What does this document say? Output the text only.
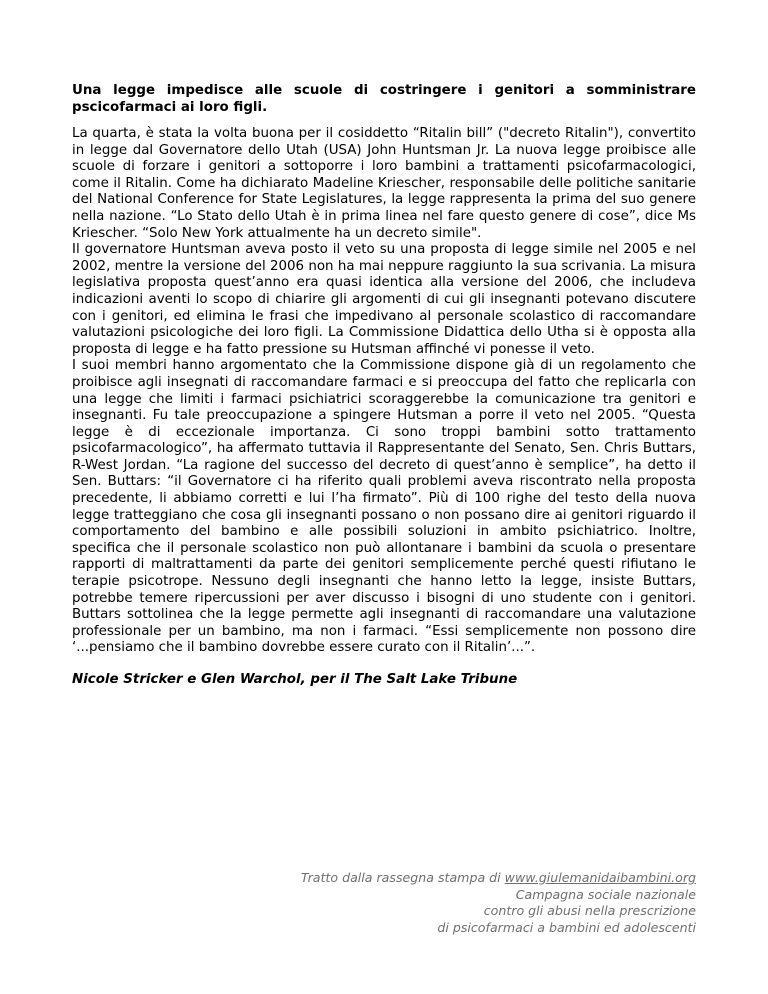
Una legge impedisce alle scuole di costringere i genitori a somministrare pscicofarmaci ai loro figli.

La quarta, è stata la volta buona per il cosiddetto “Ritalin bill” ("decreto Ritalin"), convertito in legge dal Governatore dello Utah (USA) John Huntsman Jr. La nuova legge proibisce alle scuole di forzare i genitori a sottoporre i loro bambini a trattamenti psicofarmacologici, come il Ritalin. Come ha dichiarato Madeline Kriescher, responsabile delle politiche sanitarie del National Conference for State Legislatures, la legge rappresenta la prima del suo genere nella nazione. “Lo Stato dello Utah è in prima linea nel fare questo genere di cose”, dice Ms Kriescher. “Solo New York attualmente ha un decreto simile".

Il governatore Huntsman aveva posto il veto su una proposta di legge simile nel 2005 e nel 2002, mentre la versione del 2006 non ha mai neppure raggiunto la sua scrivania. La misura legislativa proposta quest’anno era quasi identica alla versione del 2006, che includeva indicazioni aventi lo scopo di chiarire gli argomenti di cui gli insegnanti potevano discutere con i genitori, ed elimina le frasi che impedivano al personale scolastico di raccomandare valutazioni psicologiche dei loro figli. La Commissione Didattica dello Utha si è opposta alla proposta di legge e ha fatto pressione su Hutsman affinché vi ponesse il veto.

I suoi membri hanno argomentato che la Commissione dispone già di un regolamento che proibisce agli insegnati di raccomandare farmaci e si preoccupa del fatto che replicarla con una legge che limiti i farmaci psichiatrici scoraggerebbe la comunicazione tra genitori e insegnanti. Fu tale preoccupazione a spingere Hutsman a porre il veto nel 2005. “Questa legge è di eccezionale importanza. Ci sono troppi bambini sotto trattamento psicofarmacologico”, ha affermato tuttavia il Rappresentante del Senato, Sen. Chris Buttars, R-West Jordan. “La ragione del successo del decreto di quest’anno è semplice”, ha detto il Sen. Buttars: “il Governatore ci ha riferito quali problemi aveva riscontrato nella proposta precedente, li abbiamo corretti e lui l’ha firmato”. Più di 100 righe del testo della nuova legge tratteggiano che cosa gli insegnanti possano o non possano dire ai genitori riguardo il comportamento del bambino e alle possibili soluzioni in ambito psichiatrico. Inoltre, specifica che il personale scolastico non può allontanare i bambini da scuola o presentare rapporti di maltrattamenti da parte dei genitori semplicemente perché questi rifiutano le terapie psicotrope. Nessuno degli insegnanti che hanno letto la legge, insiste Buttars, potrebbe temere ripercussioni per aver discusso i bisogni di uno studente con i genitori. Buttars sottolinea che la legge permette agli insegnanti di raccomandare una valutazione professionale per un bambino, ma non i farmaci. “Essi semplicemente non possono dire ‘...pensiamo che il bambino dovrebbe essere curato con il Ritalin’...”.

Nicole Stricker e Glen Warchol, per il The Salt Lake Tribune

Tratto dalla rassegna stampa di www.giulemanidaibambini.org
Campagna sociale nazionale
contro gli abusi nella prescrizione
di psicofarmaci a bambini ed adolescenti
